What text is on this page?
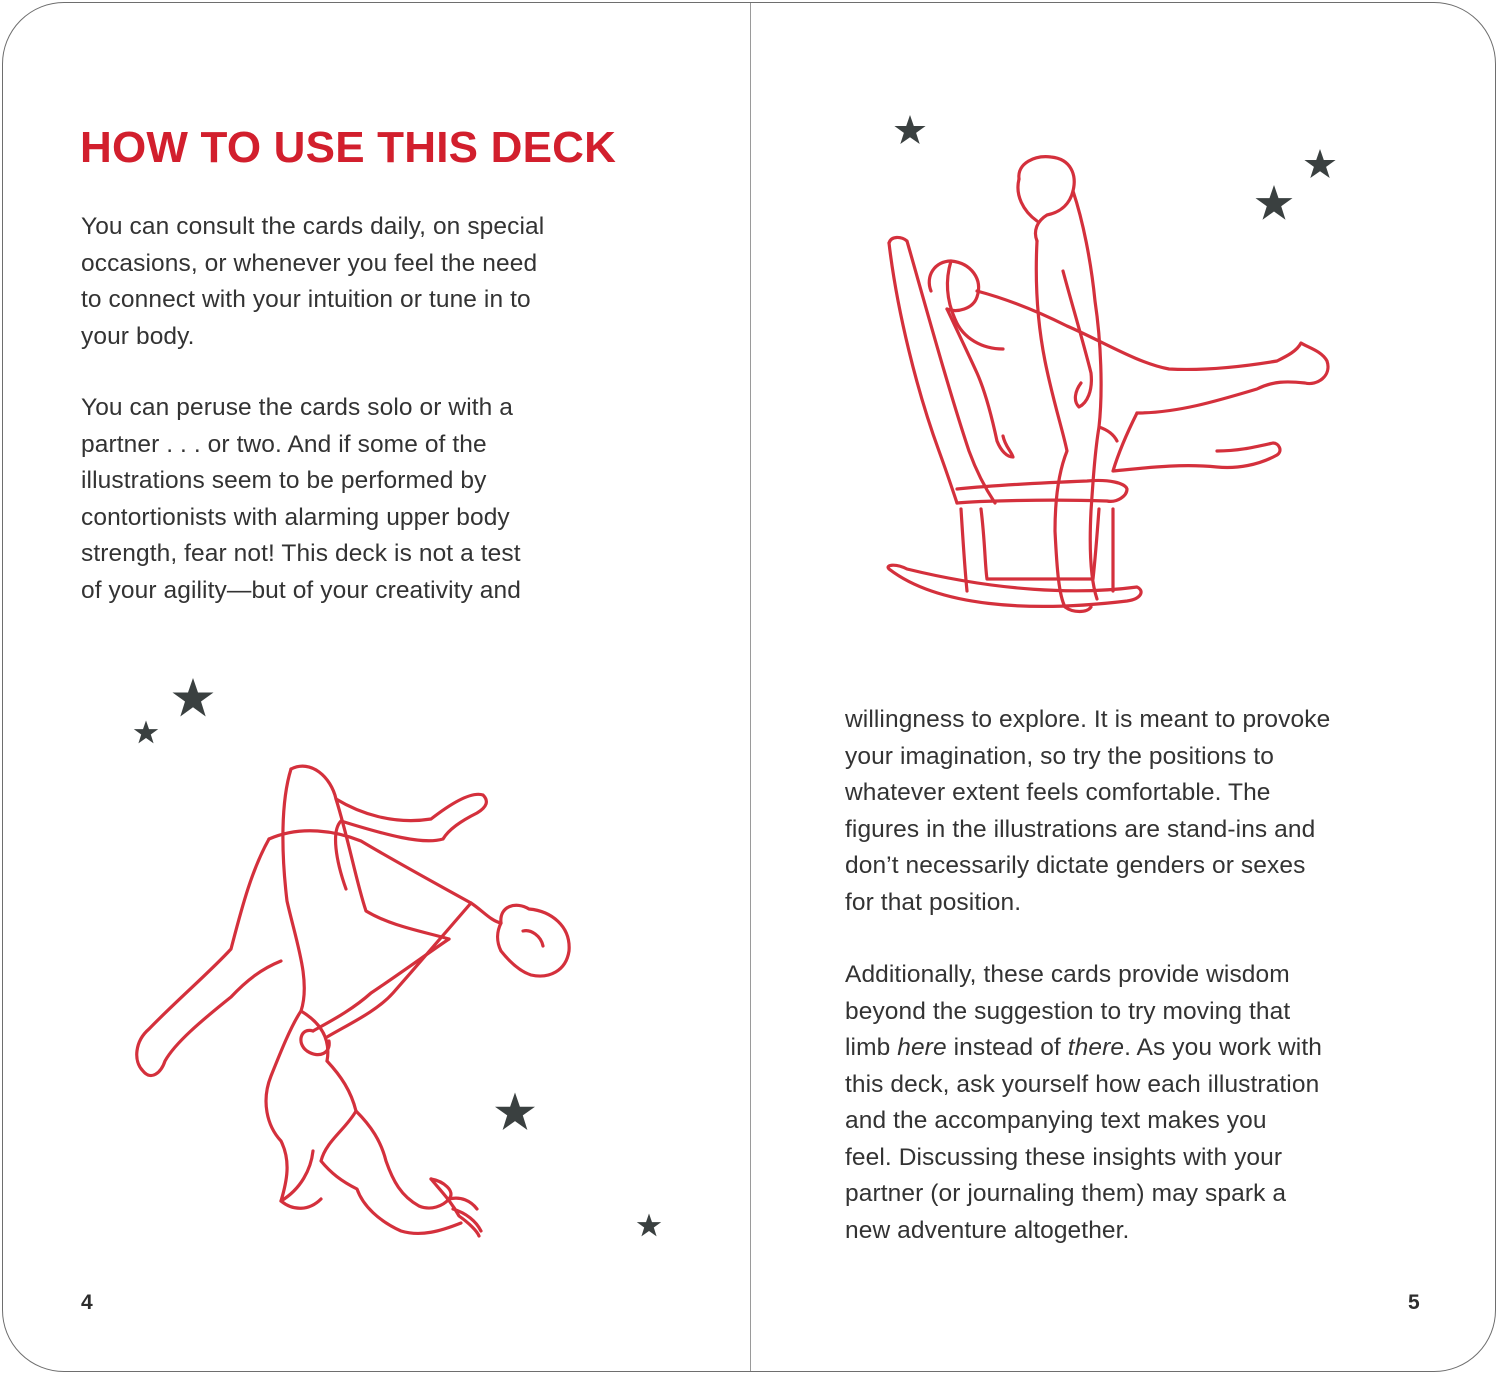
HOW TO USE THIS DECK
You can consult the cards daily, on special
occasions, or whenever you feel the need
to connect with your intuition or tune in to
your body.
You can peruse the cards solo or with a
partner . . . or two. And if some of the
illustrations seem to be performed by
contortionists with alarming upper body
strength, fear not! This deck is not a test
of your agility—but of your creativity and
4
willingness to explore. It is meant to provoke
your imagination, so try the positions to
whatever extent feels comfortable. The
figures in the illustrations are stand-ins and
don’t necessarily dictate genders or sexes
for that position.
Additionally, these cards provide wisdom
beyond the suggestion to try moving that
limb here instead of there. As you work with
this deck, ask yourself how each illustration
and the accompanying text makes you
feel. Discussing these insights with your
partner (or journaling them) may spark a
new adventure altogether.
5
